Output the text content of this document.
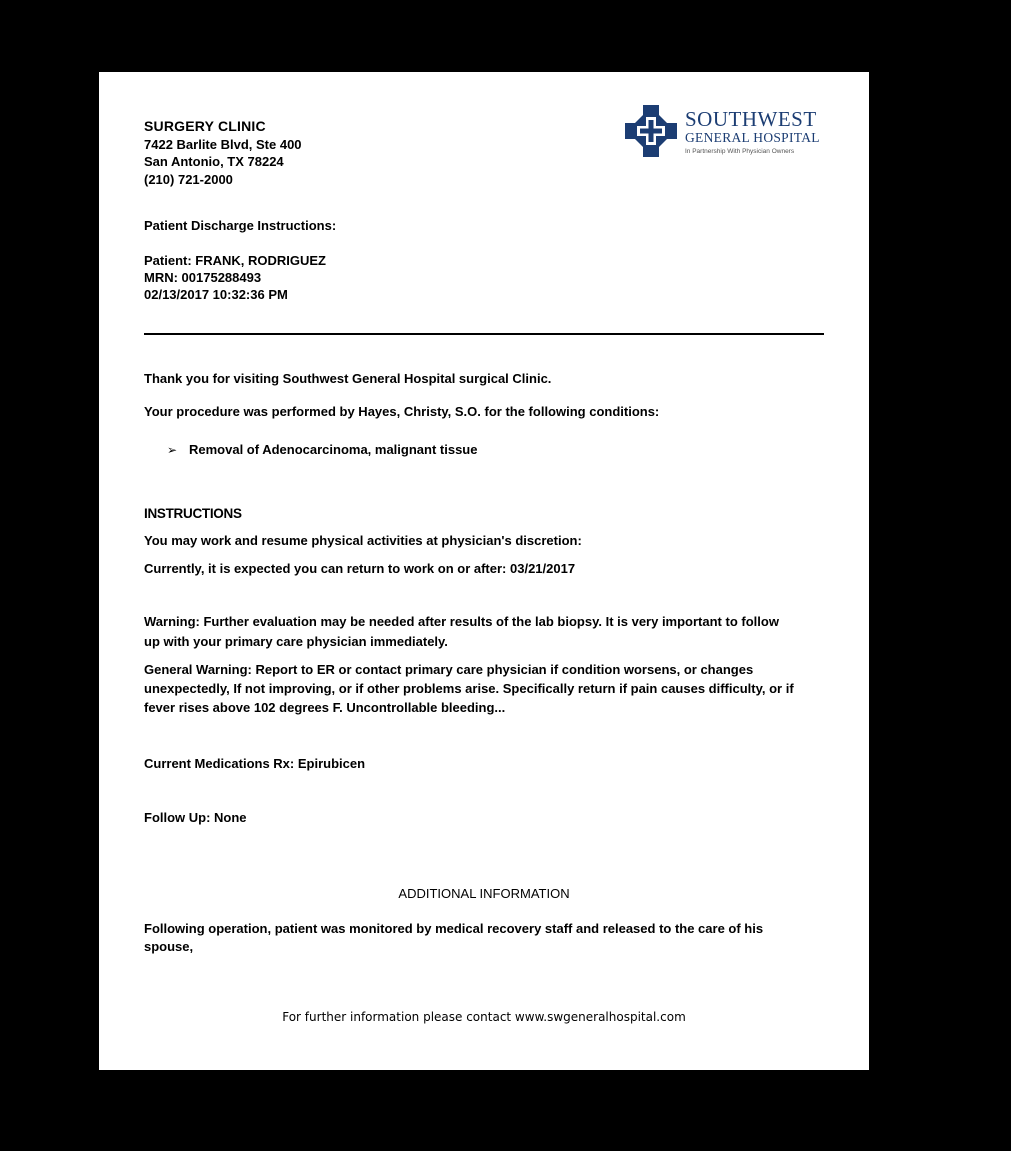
SURGERY CLINIC
7422 Barlite Blvd, Ste 400
San Antonio, TX 78224
(210) 721-2000
SOUTHWEST
GENERAL HOSPITAL
In Partnership With Physician Owners
Patient Discharge Instructions:
Patient: FRANK, RODRIGUEZ
MRN: 00175288493
02/13/2017 10:32:36 PM
Thank you for visiting Southwest General Hospital surgical Clinic.
Your procedure was performed by Hayes, Christy, S.O. for the following conditions:
➢ Removal of Adenocarcinoma, malignant tissue
INSTRUCTIONS
You may work and resume physical activities at physician's discretion:
Currently, it is expected you can return to work on or after: 03/21/2017
Warning: Further evaluation may be needed after results of the lab biopsy. It is very important to follow
up with your primary care physician immediately.
General Warning: Report to ER or contact primary care physician if condition worsens, or changes
unexpectedly, If not improving, or if other problems arise. Specifically return if pain causes difficulty, or if
fever rises above 102 degrees F. Uncontrollable bleeding...
Current Medications Rx: Epirubicen
Follow Up: None
ADDITIONAL INFORMATION
Following operation, patient was monitored by medical recovery staff and released to the care of his
spouse,
For further information please contact www.swgeneralhospital.com
